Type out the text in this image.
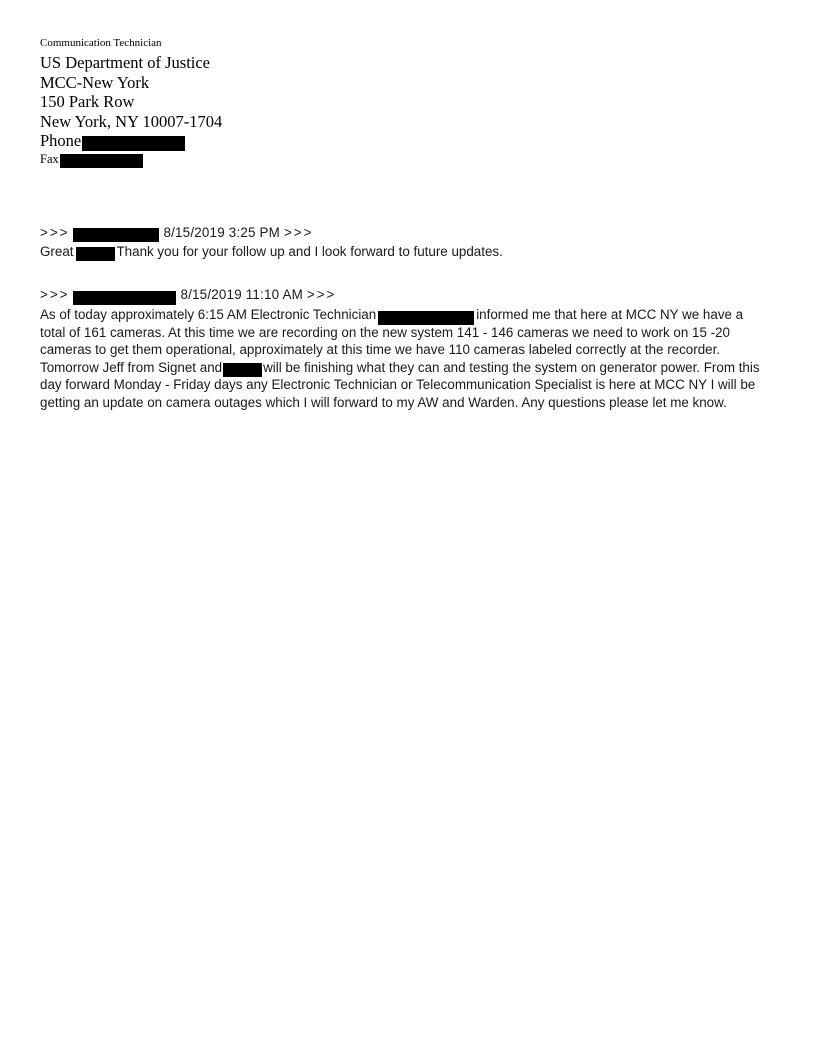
Communication Technician
US Department of Justice
MCC-New York
150 Park Row
New York, NY 10007-1704
Phone
Fax
>>>	8/15/2019 3:25 PM >>>
Great	Thank you for your follow up and I look forward to future updates.
>>>	8/15/2019 11:10 AM >>>
As of today approximately 6:15 AM Electronic Technician	informed me that here at MCC NY we have a total of 161 cameras. At this time we are recording on the new system 141 - 146 cameras we need to work on 15 -20 cameras to get them operational, approximately at this time we have 110 cameras labeled correctly at the recorder. Tomorrow Jeff from Signet and	will be finishing what they can and testing the system on generator power. From this day forward Monday - Friday days any Electronic Technician or Telecommunication Specialist is here at MCC NY I will be getting an update on camera outages which I will forward to my AW and Warden. Any questions please let me know.
